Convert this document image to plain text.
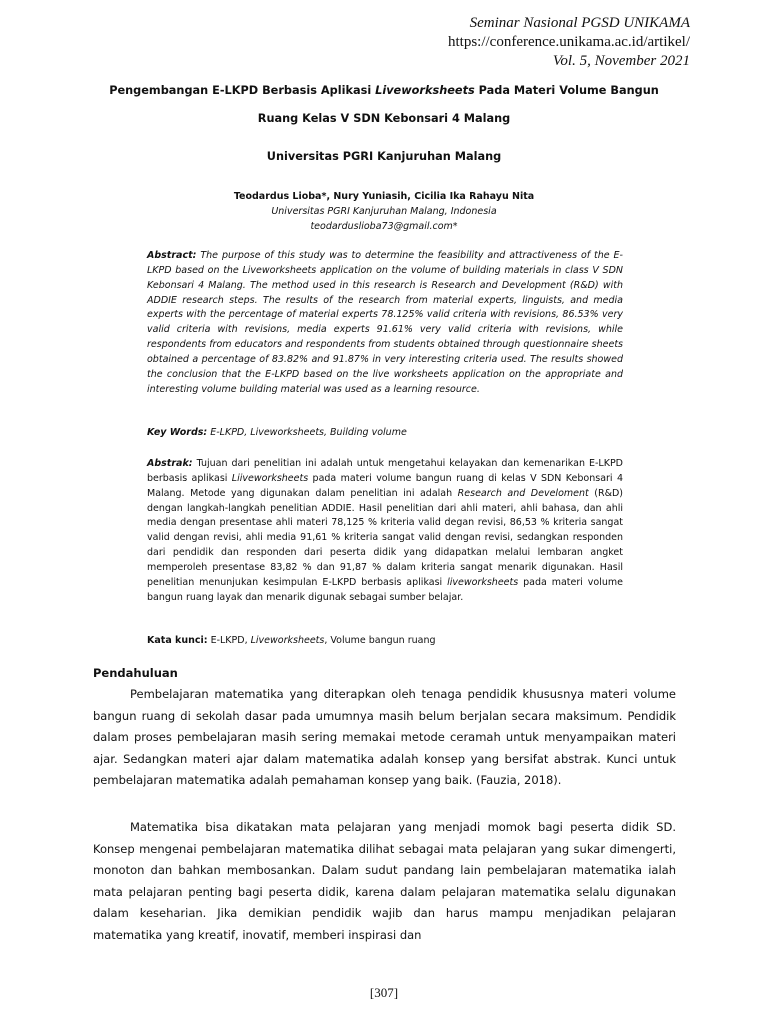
Seminar Nasional PGSD UNIKAMA
https://conference.unikama.ac.id/artikel/
Vol. 5, November 2021
Pengembangan E-LKPD Berbasis Aplikasi Liveworksheets Pada Materi Volume Bangun
Ruang Kelas V SDN Kebonsari 4 Malang
Universitas PGRI Kanjuruhan Malang
Teodardus Lioba*, Nury Yuniasih, Cicilia Ika Rahayu Nita
Universitas PGRI Kanjuruhan Malang, Indonesia
teodarduslioba73@gmail.com*
Abstract: The purpose of this study was to determine the feasibility and attractiveness of the E-LKPD based on the Liveworksheets application on the volume of building materials in class V SDN Kebonsari 4 Malang. The method used in this research is Research and Development (R&D) with ADDIE research steps. The results of the research from material experts, linguists, and media experts with the percentage of material experts 78.125% valid criteria with revisions, 86.53% very valid criteria with revisions, media experts 91.61% very valid criteria with revisions, while respondents from educators and respondents from students obtained through questionnaire sheets obtained a percentage of 83.82% and 91.87% in very interesting criteria used. The results showed the conclusion that the E-LKPD based on the live worksheets application on the appropriate and interesting volume building material was used as a learning resource.
Key Words: E-LKPD, Liveworksheets, Building volume
Abstrak: Tujuan dari penelitian ini adalah untuk mengetahui kelayakan dan kemenarikan E-LKPD berbasis aplikasi Liiveworksheets pada materi volume bangun ruang di kelas V SDN Kebonsari 4 Malang. Metode yang digunakan dalam penelitian ini adalah Research and Develoment (R&D) dengan langkah-langkah penelitian ADDIE. Hasil penelitian dari ahli materi, ahli bahasa, dan ahli media dengan presentase ahli materi 78,125 % kriteria valid degan revisi, 86,53 % kriteria sangat valid dengan revisi, ahli media 91,61 % kriteria sangat valid dengan revisi, sedangkan responden dari pendidik dan responden dari peserta didik yang didapatkan melalui lembaran angket memperoleh presentase 83,82 % dan 91,87 % dalam kriteria sangat menarik digunakan. Hasil penelitian menunjukan kesimpulan E-LKPD berbasis aplikasi liveworksheets pada materi volume bangun ruang layak dan menarik digunak sebagai sumber belajar.
Kata kunci: E-LKPD, Liveworksheets, Volume bangun ruang
Pendahuluan

Pembelajaran matematika yang diterapkan oleh tenaga pendidik khususnya materi volume bangun ruang di sekolah dasar pada umumnya masih belum berjalan secara maksimum. Pendidik dalam proses pembelajaran masih sering memakai metode ceramah untuk menyampaikan materi ajar. Sedangkan materi ajar dalam matematika adalah konsep yang bersifat abstrak. Kunci untuk pembelajaran matematika adalah pemahaman konsep yang baik. (Fauzia, 2018).

Matematika bisa dikatakan mata pelajaran yang menjadi momok bagi peserta didik SD. Konsep mengenai pembelajaran matematika dilihat sebagai mata pelajaran yang sukar dimengerti, monoton dan bahkan membosankan. Dalam sudut pandang lain pembelajaran matematika ialah mata pelajaran penting bagi peserta didik, karena dalam pelajaran matematika selalu digunakan dalam keseharian. Jika demikian pendidik wajib dan harus mampu menjadikan pelajaran matematika yang kreatif, inovatif, memberi inspirasi dan

[307]
